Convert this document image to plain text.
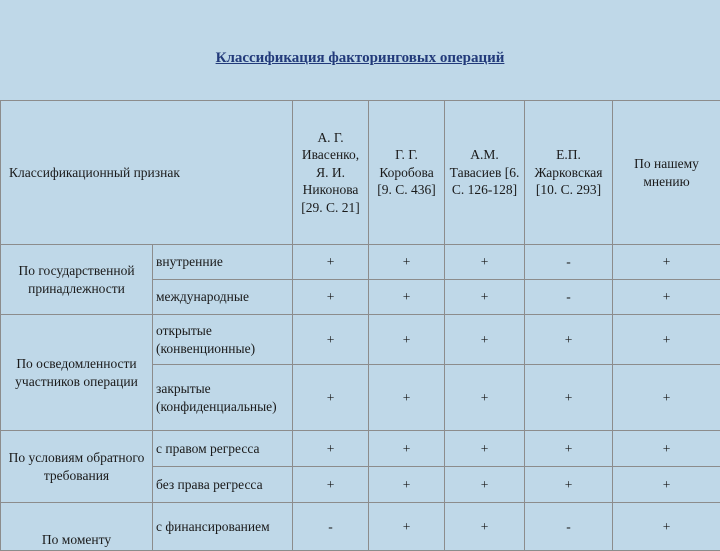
Классификация факторинговых операций
Классификационный признак		А. Г. Ивасенко, Я. И. Никонова [29. С. 21]	Г. Г. Коробова [9. С. 436]	А.М. Тавасиев [6. С. 126-128]	Е.П. Жарковская [10. С. 293]	По нашему мнению
По государственной принадлежности	внутренние	+	+	+	-	+
	международные	+	+	+	-	+
По осведомленности участников операции	открытые (конвенционные)	+	+	+	+	+
	закрытые (конфиденциальные)	+	+	+	+	+
По условиям обратного требования	с правом регресса	+	+	+	+	+
	без права регресса	+	+	+	+	+
По моменту	с финансированием	-	+	+	-	+
